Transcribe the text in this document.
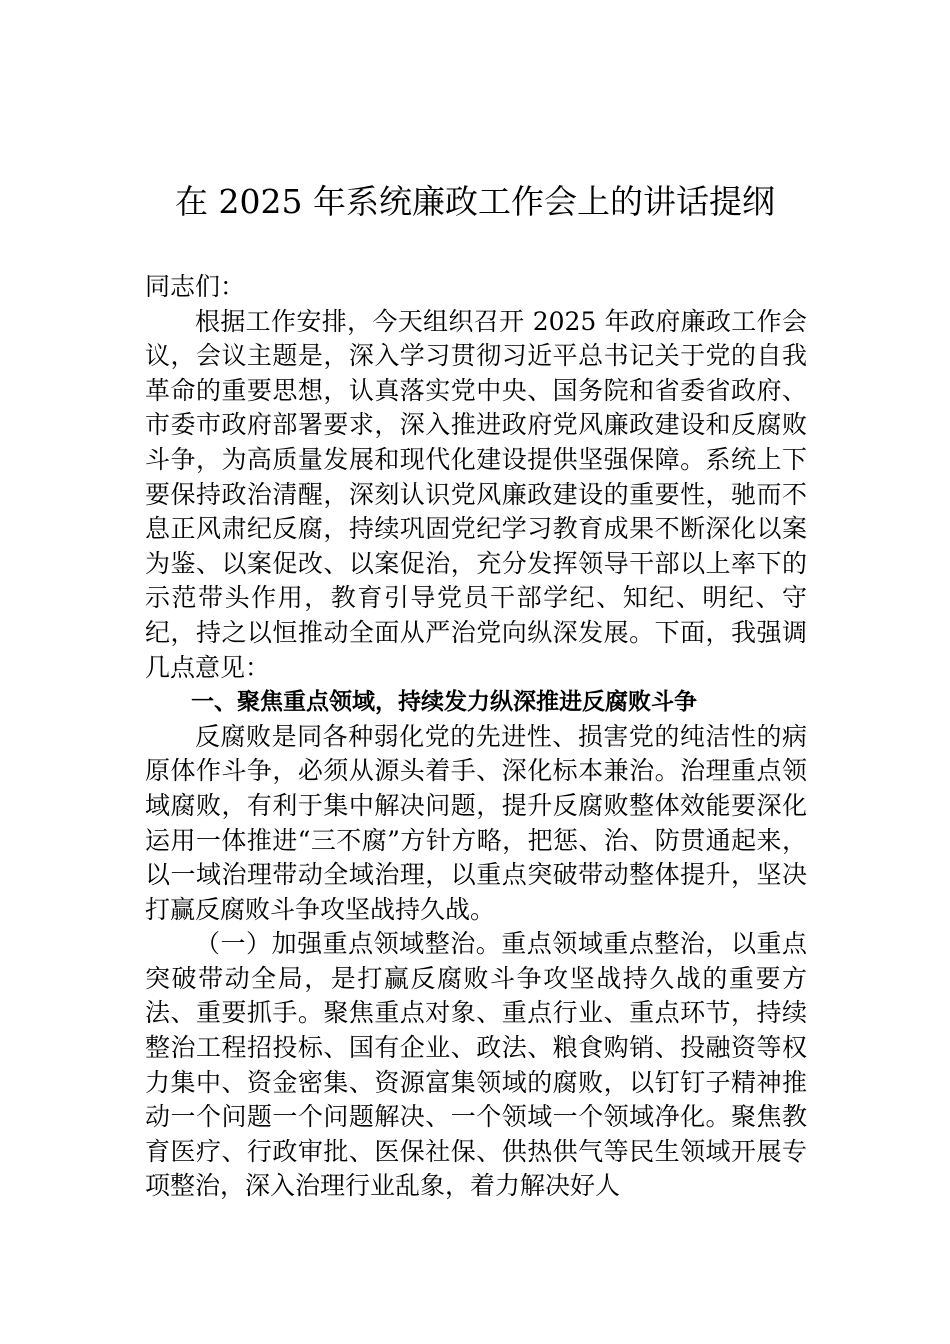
在 2025 年系统廉政工作会上的讲话提纲

同志们：

根据工作安排，今天组织召开 2025 年政府廉政工作会议，会议主题是，深入学习贯彻习近平总书记关于党的自我革命的重要思想，认真落实党中央、国务院和省委省政府、市委市政府部署要求，深入推进政府党风廉政建设和反腐败斗争，为高质量发展和现代化建设提供坚强保障。系统上下要保持政治清醒，深刻认识党风廉政建设的重要性，驰而不息正风肃纪反腐，持续巩固党纪学习教育成果不断深化以案为鉴、以案促改、以案促治，充分发挥领导干部以上率下的示范带头作用，教育引导党员干部学纪、知纪、明纪、守纪，持之以恒推动全面从严治党向纵深发展。下面，我强调几点意见：

一、聚焦重点领域，持续发力纵深推进反腐败斗争

反腐败是同各种弱化党的先进性、损害党的纯洁性的病原体作斗争，必须从源头着手、深化标本兼治。治理重点领域腐败，有利于集中解决问题，提升反腐败整体效能要深化运用一体推进“三不腐”方针方略，把惩、治、防贯通起来，以一域治理带动全域治理，以重点突破带动整体提升，坚决打赢反腐败斗争攻坚战持久战。

（一）加强重点领域整治。重点领域重点整治，以重点突破带动全局，是打赢反腐败斗争攻坚战持久战的重要方法、重要抓手。聚焦重点对象、重点行业、重点环节，持续整治工程招投标、国有企业、政法、粮食购销、投融资等权力集中、资金密集、资源富集领域的腐败，以钉钉子精神推动一个问题一个问题解决、一个领域一个领域净化。聚焦教育医疗、行政审批、医保社保、供热供气等民生领域开展专项整治，深入治理行业乱象，着力解决好人
